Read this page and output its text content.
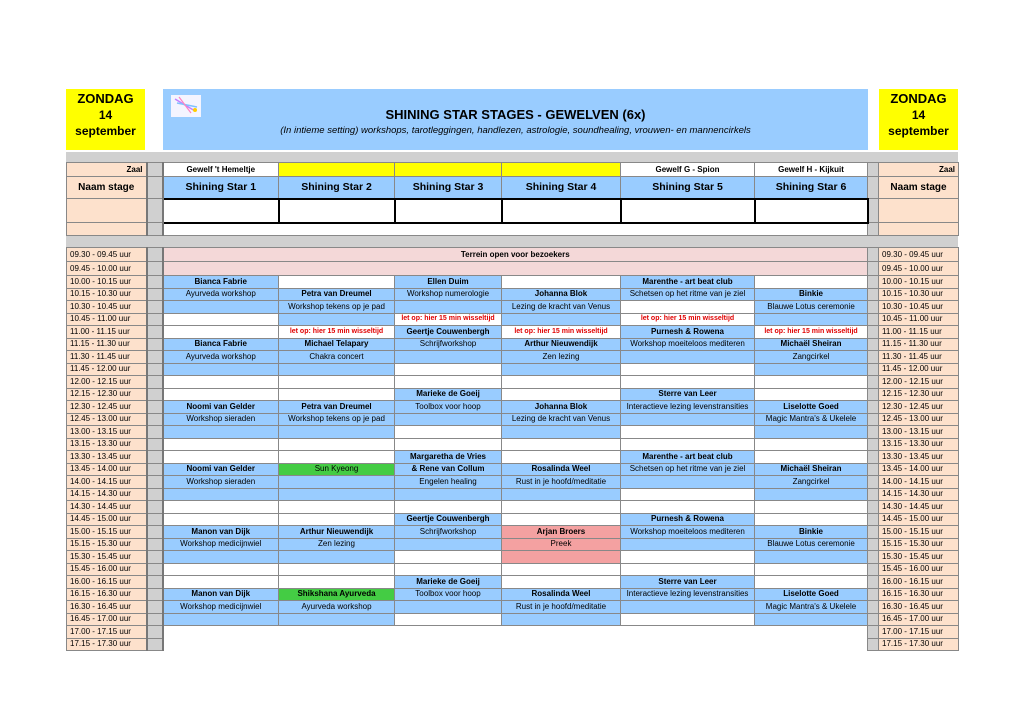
ZONDAG
14
september
SHINING STAR STAGES - GEWELVEN (6x)
(In intieme setting) workshops, tarotleggingen, handlezen, astrologie, soundhealing, vrouwen- en mannencirkels
ZONDAG
14
september
Zaal		Gewelf 't Hemeltje				Gewelf G - Spion	Gewelf H - Kijkuit		Zaal
Naam stage		Shining Star 1	Shining Star 2	Shining Star 3	Shining Star 4	Shining Star 5	Shining Star 6		Naam stage

09.30 - 09.45 uur		Terrein open voor bezoekers							09.30 - 09.45 uur
09.45 - 10.00 uur									09.45 - 10.00 uur
10.00 - 10.15 uur		Bianca Fabrie		Ellen Duim		Marenthe - art beat club			10.00 - 10.15 uur
10.15 - 10.30 uur		Ayurveda workshop	Petra van Dreumel	Workshop numerologie	Johanna Blok	Schetsen op het ritme van je ziel	Binkie		10.15 - 10.30 uur
10.30 - 10.45 uur			Workshop tekens op je pad		Lezing de kracht van Venus		Blauwe Lotus ceremonie		10.30 - 10.45 uur
10.45 - 11.00 uur				let op: hier 15 min wisseltijd		let op: hier 15 min wisseltijd			10.45 - 11.00 uur
11.00 - 11.15 uur			let op: hier 15 min wisseltijd	Geertje Couwenbergh	let op: hier 15 min wisseltijd	Purnesh & Rowena	let op: hier 15 min wisseltijd		11.00 - 11.15 uur
11.15 - 11.30 uur		Bianca Fabrie	Michael Telapary	Schrijfworkshop	Arthur Nieuwendijk	Workshop moeiteloos mediteren	Michaël Sheiran		11.15 - 11.30 uur
11.30 - 11.45 uur		Ayurveda workshop	Chakra concert		Zen lezing		Zangcirkel		11.30 - 11.45 uur
11.45 - 12.00 uur									11.45 - 12.00 uur
12.00 - 12.15 uur									12.00 - 12.15 uur
12.15 - 12.30 uur				Marieke de Goeij		Sterre van Leer			12.15 - 12.30 uur
12.30 - 12.45 uur		Noomi van Gelder	Petra van Dreumel	Toolbox voor hoop	Johanna Blok	Interactieve lezing levenstransities	Liselotte Goed		12.30 - 12.45 uur
12.45 - 13.00 uur		Workshop sieraden	Workshop tekens op je pad		Lezing de kracht van Venus		Magic Mantra's & Ukelele		12.45 - 13.00 uur
13.00 - 13.15 uur									13.00 - 13.15 uur
13.15 - 13.30 uur									13.15 - 13.30 uur
13.30 - 13.45 uur				Margaretha de Vries		Marenthe - art beat club			13.30 - 13.45 uur
13.45 - 14.00 uur		Noomi van Gelder	Sun Kyeong	& Rene van Collum	Rosalinda Weel	Schetsen op het ritme van je ziel	Michaël Sheiran		13.45 - 14.00 uur
14.00 - 14.15 uur		Workshop sieraden		Engelen healing	Rust in je hoofd/meditatie		Zangcirkel		14.00 - 14.15 uur
14.15 - 14.30 uur									14.15 - 14.30 uur
14.30 - 14.45 uur									14.30 - 14.45 uur
14.45 - 15.00 uur				Geertje Couwenbergh		Purnesh & Rowena			14.45 - 15.00 uur
15.00 - 15.15 uur		Manon van Dijk	Arthur Nieuwendijk	Schrijfworkshop	Arjan Broers	Workshop moeiteloos mediteren	Binkie		15.00 - 15.15 uur
15.15 - 15.30 uur		Workshop medicijnwiel	Zen lezing		Preek		Blauwe Lotus ceremonie		15.15 - 15.30 uur
15.30 - 15.45 uur									15.30 - 15.45 uur
15.45 - 16.00 uur									15.45 - 16.00 uur
16.00 - 16.15 uur				Marieke de Goeij		Sterre van Leer			16.00 - 16.15 uur
16.15 - 16.30 uur		Manon van Dijk	Shikshana Ayurveda	Toolbox voor hoop	Rosalinda Weel	Interactieve lezing levenstransities	Liselotte Goed		16.15 - 16.30 uur
16.30 - 16.45 uur		Workshop medicijnwiel	Ayurveda workshop		Rust in je hoofd/meditatie		Magic Mantra's & Ukelele		16.30 - 16.45 uur
16.45 - 17.00 uur									16.45 - 17.00 uur
17.00 - 17.15 uur									17.00 - 17.15 uur
17.15 - 17.30 uur									17.15 - 17.30 uur
